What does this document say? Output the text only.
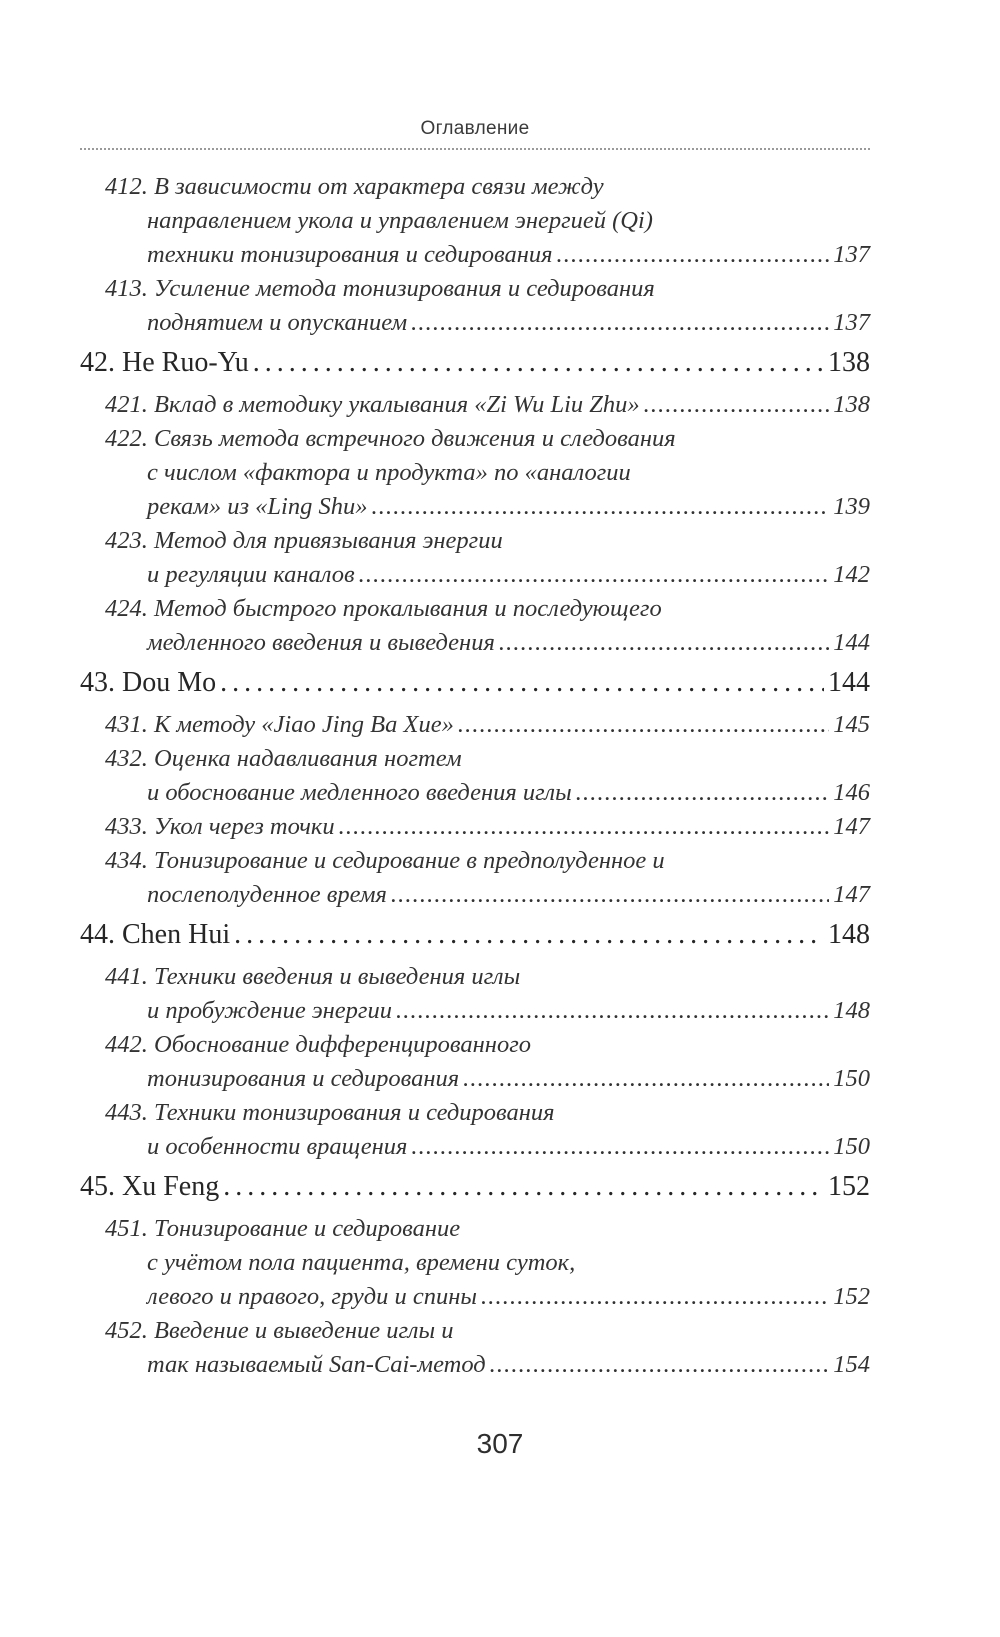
Оглавление
412. В зависимости от характера связи между
направлением укола и управлением энергией (Qi)
техники тонизирования и седирования . . .	137
413. Усиление метода тонизирования и седирования
поднятием и опусканием . . .	137
42. He Ruo-Yu . . .	138
421. Вклад в методику укалывания «Zi Wu Liu Zhu» . . .	138
422. Связь метода встречного движения и следования
с числом «фактора и продукта» по «аналогии
рекам» из «Ling Shu» . . .	139
423. Метод для привязывания энергии
и регуляции каналов . . .	142
424. Метод быстрого прокалывания и последующего
медленного введения и выведения . . .	144
43. Dou Mo . . .	144
431. К методу «Jiao Jing Ba Xue» . . .	145
432. Оценка надавливания ногтем
и обоснование медленного введения иглы . . .	146
433. Укол через точки . . .	147
434. Тонизирование и седирование в предполуденное и
послеполуденное время . . .	147
44. Chen Hui . . .	148
441. Техники введения и выведения иглы
и пробуждение энергии . . .	148
442. Обоснование дифференцированного
тонизирования и седирования . . .	150
443. Техники тонизирования и седирования
и особенности вращения . . .	150
45. Xu Feng . . .	152
451. Тонизирование и седирование
с учётом пола пациента, времени суток,
левого и правого, груди и спины . . .	152
452. Введение и выведение иглы и
так называемый San-Cai-метод . . .	154
307
